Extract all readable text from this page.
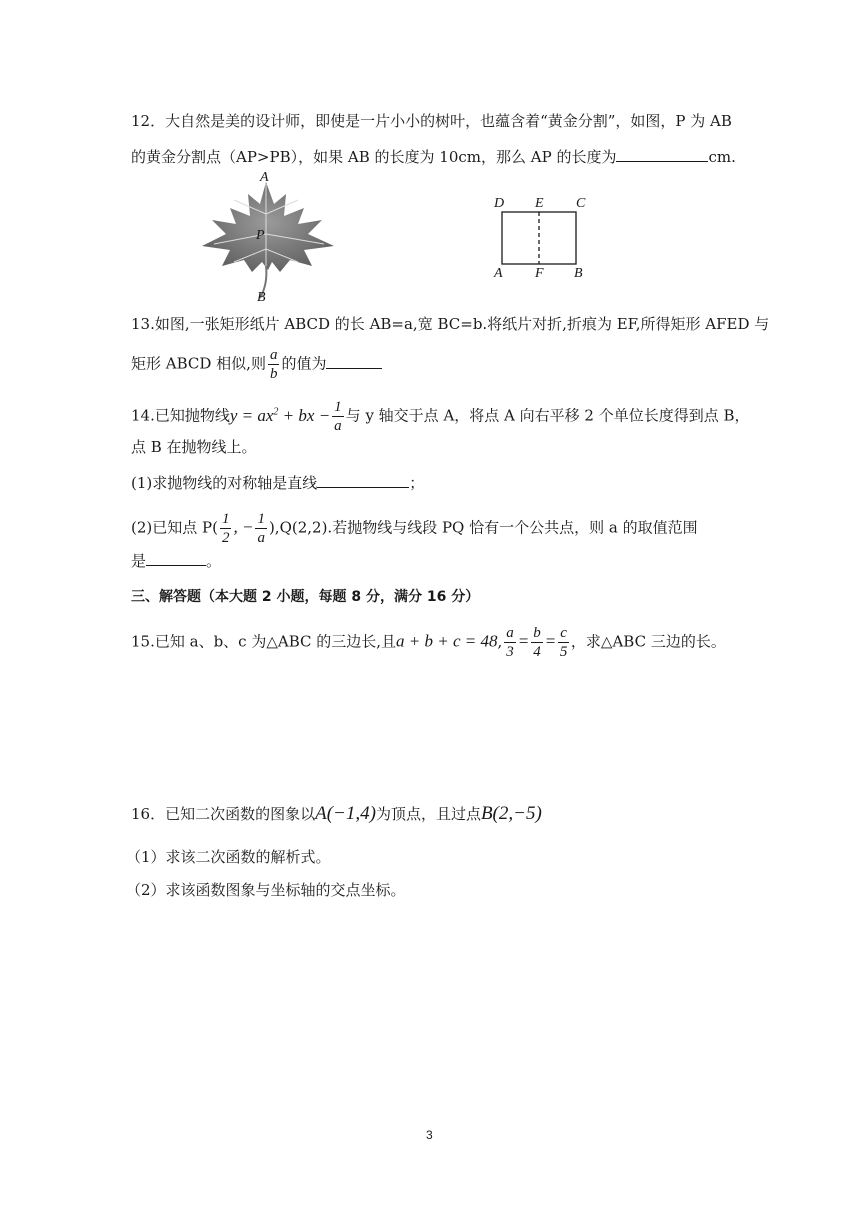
12．大自然是美的设计师，即使是一片小小的树叶，也蕴含着“黄金分割”，如图，P 为 AB
的黄金分割点（AP>PB），如果 AB 的长度为 10cm，那么 AP 的长度为	cm.
A
P
B
D E C
A F B
13.如图,一张矩形纸片 ABCD 的长 AB=a,宽 BC=b.将纸片对折,折痕为 EF,所得矩形 AFED 与
矩形 ABCD 相似,则 $\frac{a}{b}$ 的值为
14.已知抛物线$y = ax^2$ + bx − $\frac{1}{a}$ 与 y 轴交于点 A，将点 A 向右平移 2 个单位长度得到点 B，
点 B 在抛物线上。
(1)求抛物线的对称轴是直线	；
(2)已知点 $P( \frac{1}{2}$ , − $\frac{1}{a} ),Q(2,2)$.若抛物线与线段 PQ 恰有一个公共点，则 a 的取值范围
是	。
三、解答题（本大题 2 小题，每题 8 分，满分 16 分）
15.已知 a、b、c 为△ABC 的三边长,且a + b + c = 48, $\frac{a}{3} = \frac{b}{4} = \frac{c}{5}$ ，求△ABC 三边的长。
16．已知二次函数的图象以A(−1,4)为顶点，且过点B(2,−5)
（1）求该二次函数的解析式。
（2）求该函数图象与坐标轴的交点坐标。
3
